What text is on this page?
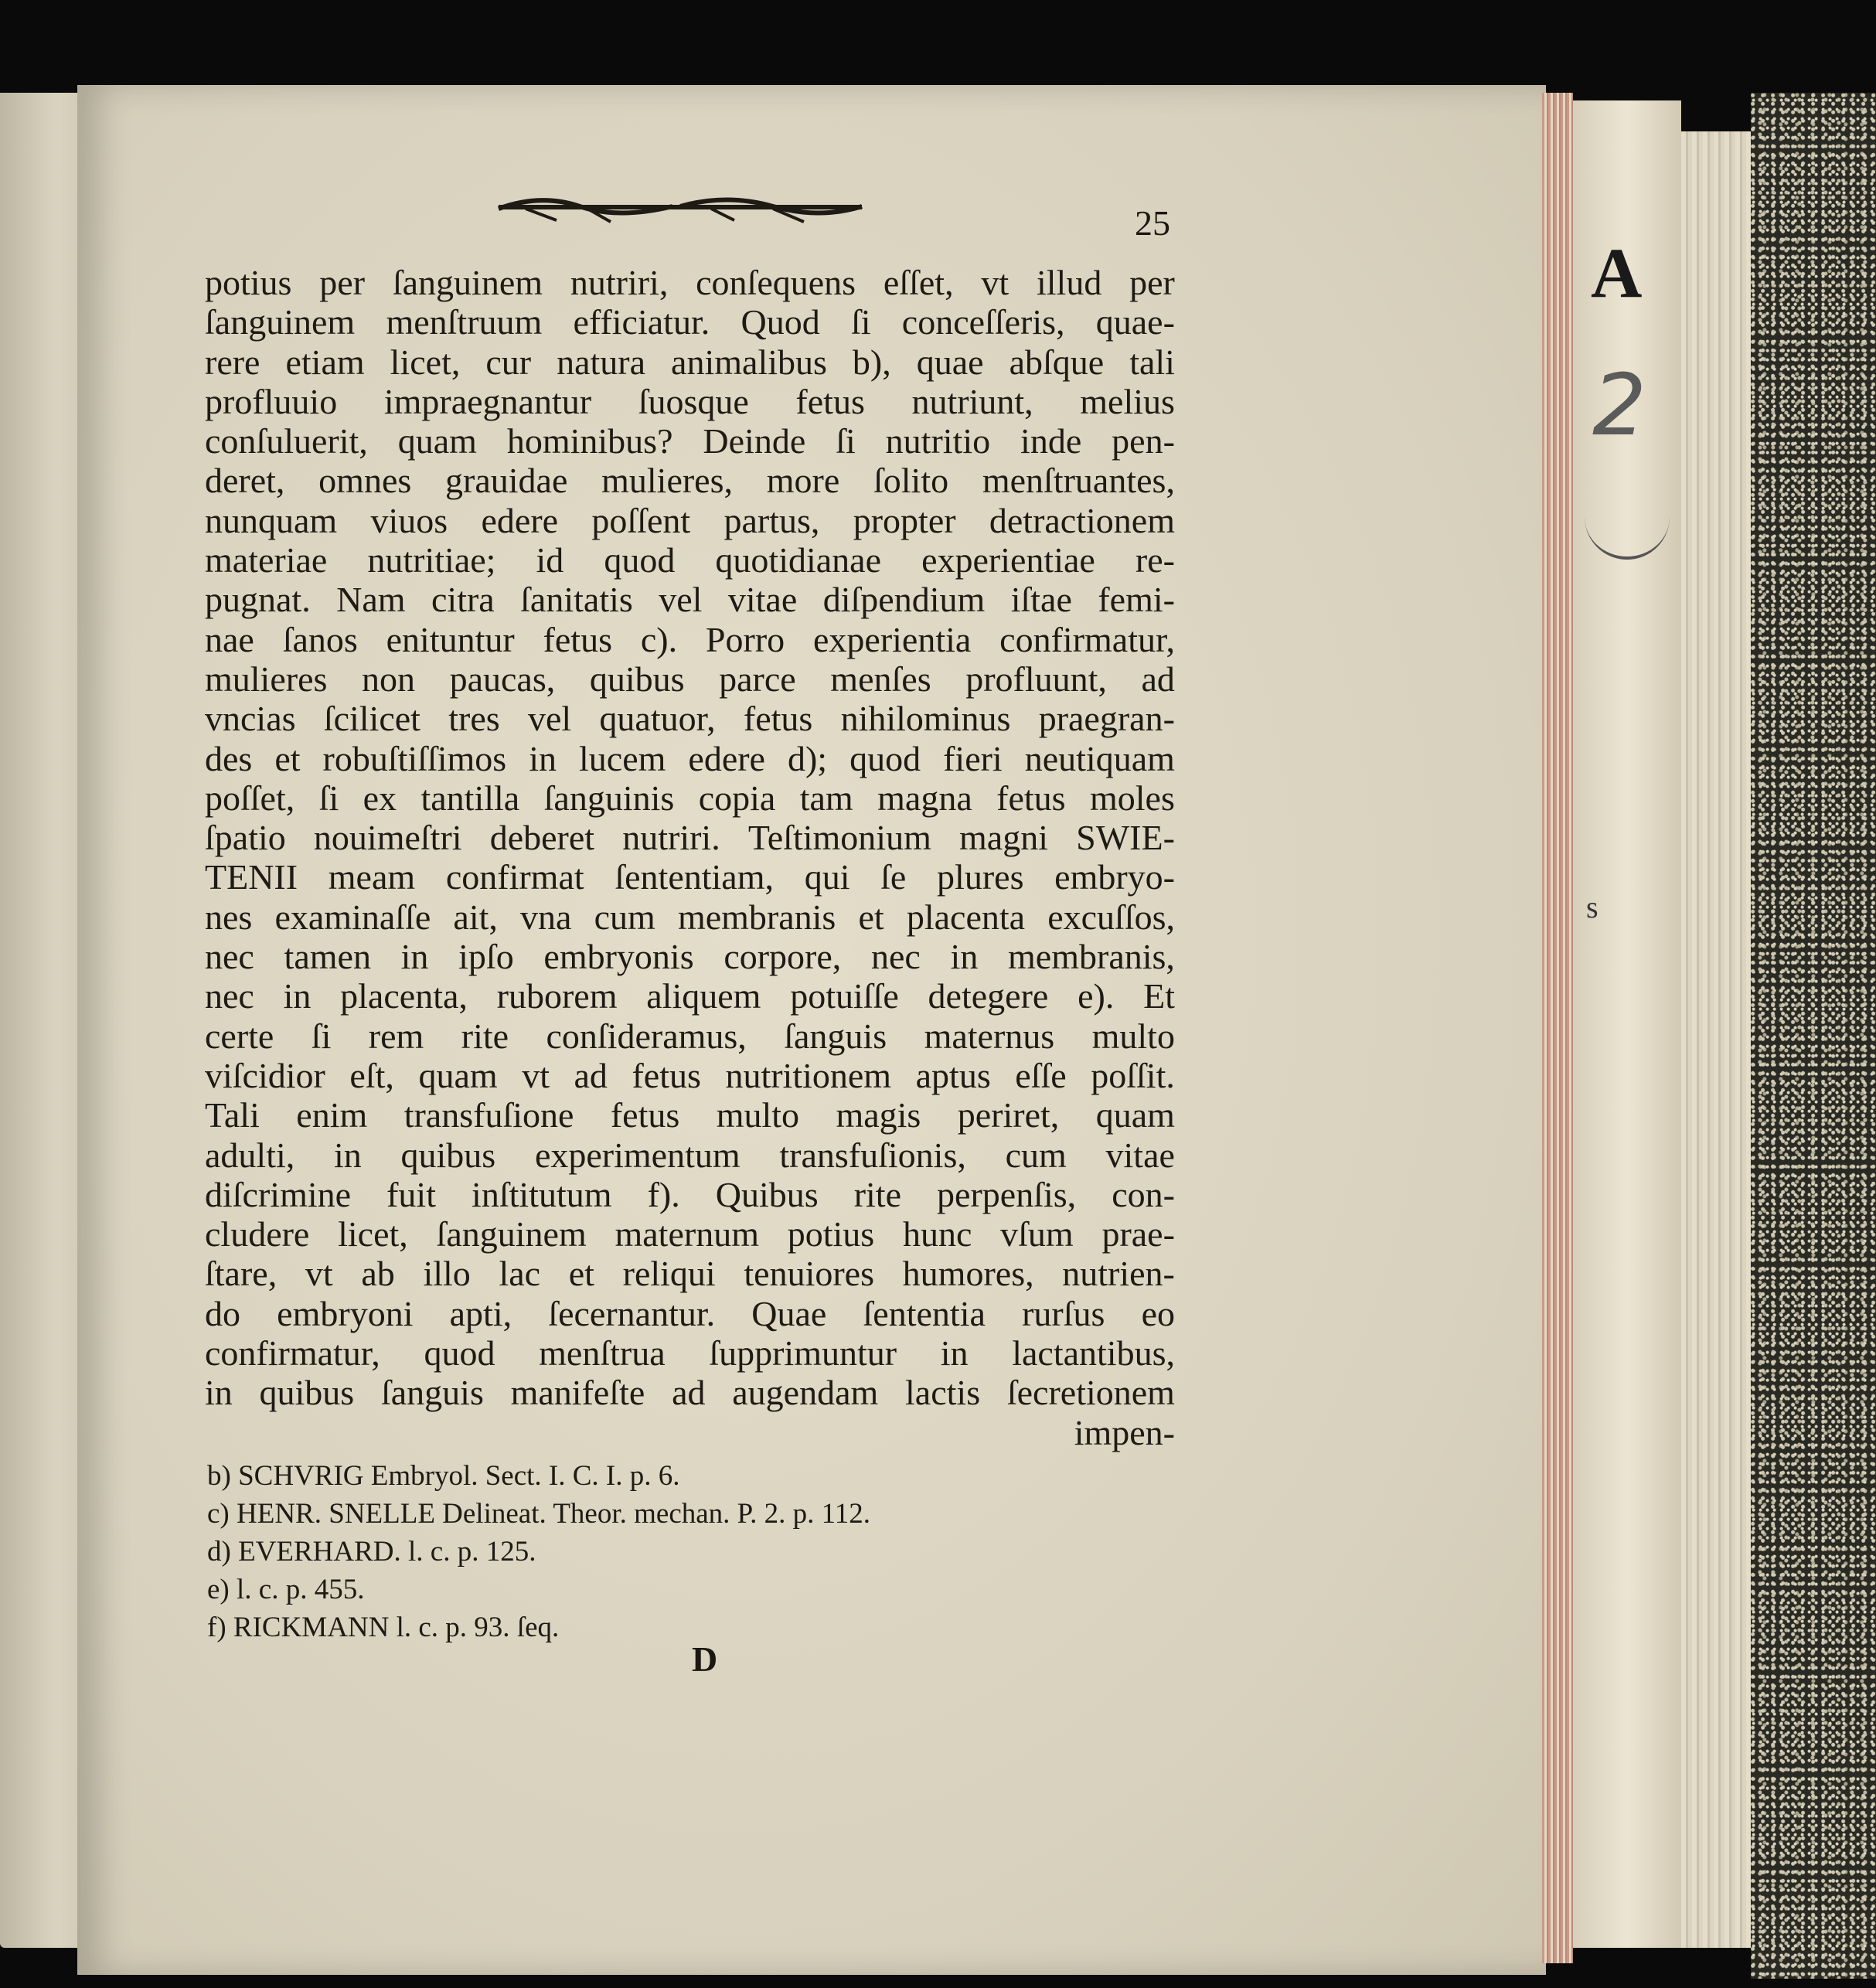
25
potius per ſanguinem nutriri, conſequens eſſet, vt illud per
ſanguinem menſtruum efficiatur. Quod ſi conceſſeris, quae-
rere etiam licet, cur natura animalibus b), quae abſque tali
profluuio impraegnantur ſuosque fetus nutriunt, melius
conſuluerit, quam hominibus? Deinde ſi nutritio inde pen-
deret, omnes grauidae mulieres, more ſolito menſtruantes,
nunquam viuos edere poſſent partus, propter detractionem
materiae nutritiae; id quod quotidianae experientiae re-
pugnat. Nam citra ſanitatis vel vitae diſpendium iſtae femi-
nae ſanos enituntur fetus c). Porro experientia confirmatur,
mulieres non paucas, quibus parce menſes profluunt, ad
vncias ſcilicet tres vel quatuor, fetus nihilominus praegran-
des et robuſtiſſimos in lucem edere d); quod fieri neutiquam
poſſet, ſi ex tantilla ſanguinis copia tam magna fetus moles
ſpatio nouimeſtri deberet nutriri. Teſtimonium magni SWIE-
TENII meam confirmat ſententiam, qui ſe plures embryo-
nes examinaſſe ait, vna cum membranis et placenta excuſſos,
nec tamen in ipſo embryonis corpore, nec in membranis,
nec in placenta, ruborem aliquem potuiſſe detegere e). Et
certe ſi rem rite conſideramus, ſanguis maternus multo
viſcidior eſt, quam vt ad fetus nutritionem aptus eſſe poſſit.
Tali enim transfuſione fetus multo magis periret, quam
adulti, in quibus experimentum transfuſionis, cum vitae
diſcrimine fuit inſtitutum f). Quibus rite perpenſis, con-
cludere licet, ſanguinem maternum potius hunc vſum prae-
ſtare, vt ab illo lac et reliqui tenuiores humores, nutrien-
do embryoni apti, ſecernantur. Quae ſententia rurſus eo
confirmatur, quod menſtrua ſupprimuntur in lactantibus,
in quibus ſanguis manifeſte ad augendam lactis ſecretionem
impen-
b) SCHVRIG Embryol. Sect. I. C. I. p. 6.
c) HENR. SNELLE Delineat. Theor. mechan. P. 2. p. 112.
d) EVERHARD. l. c. p. 125.
e) l. c. p. 455.
f) RICKMANN l. c. p. 93. ſeq.
D
A
2
s
